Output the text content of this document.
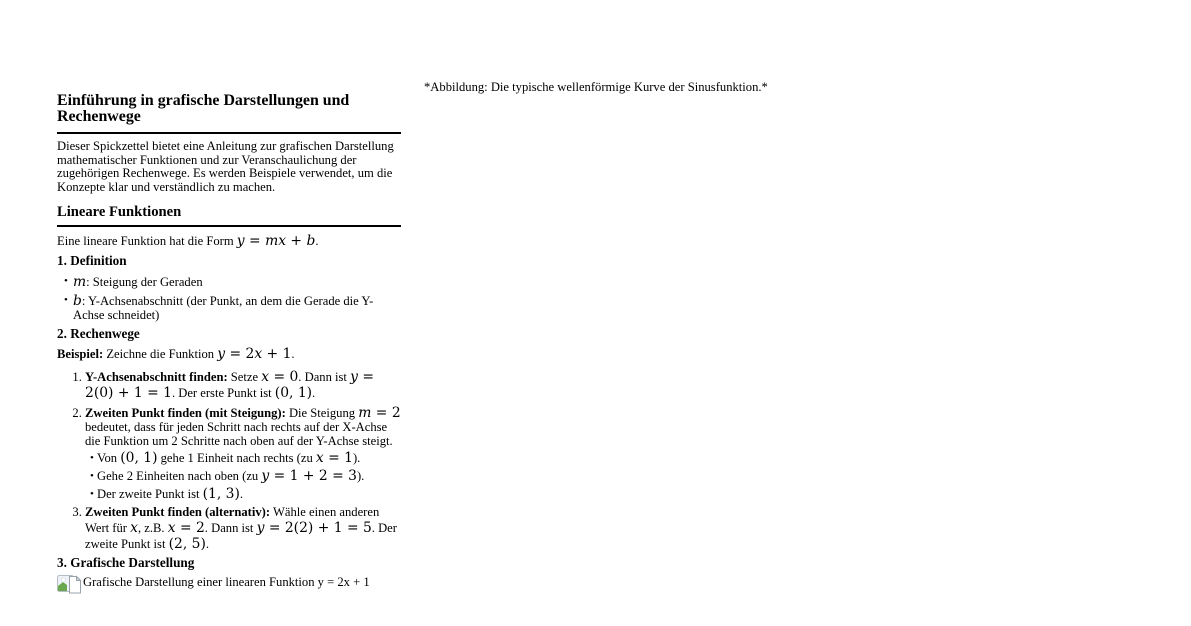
Einführung in grafische Darstellungen und Rechenwege

Dieser Spickzettel bietet eine Anleitung zur grafischen Darstellung mathematischer Funktionen und zur Veranschaulichung der zugehörigen Rechenwege. Es werden Beispiele verwendet, um die Konzepte klar und verständlich zu machen.

Lineare Funktionen

Eine lineare Funktion hat die Form y = mx + b.

1. Definition
• m: Steigung der Geraden
• b: Y-Achsenabschnitt (der Punkt, an dem die Gerade die Y-Achse schneidet)
2. Rechenwege

Beispiel: Zeichne die Funktion y = 2x + 1.

1. Y-Achsenabschnitt finden: Setze x = 0. Dann ist y = 2(0) + 1 = 1. Der erste Punkt ist (0, 1).
2. Zweiten Punkt finden (mit Steigung): Die Steigung m = 2 bedeutet, dass für jeden Schritt nach rechts auf der X-Achse die Funktion um 2 Schritte nach oben auf der Y-Achse steigt.
• Von (0, 1) gehe 1 Einheit nach rechts (zu x = 1).
• Gehe 2 Einheiten nach oben (zu y = 1 + 2 = 3).
• Der zweite Punkt ist (1, 3).
3. Zweiten Punkt finden (alternativ): Wähle einen anderen Wert für x, z.B. x = 2. Dann ist y = 2(2) + 1 = 5. Der zweite Punkt ist (2, 5).
3. Grafische Darstellung

Grafische Darstellung einer linearen Funktion y = 2x + 1

*Abbildung: Die typische wellenförmige Kurve der Sinusfunktion.*
